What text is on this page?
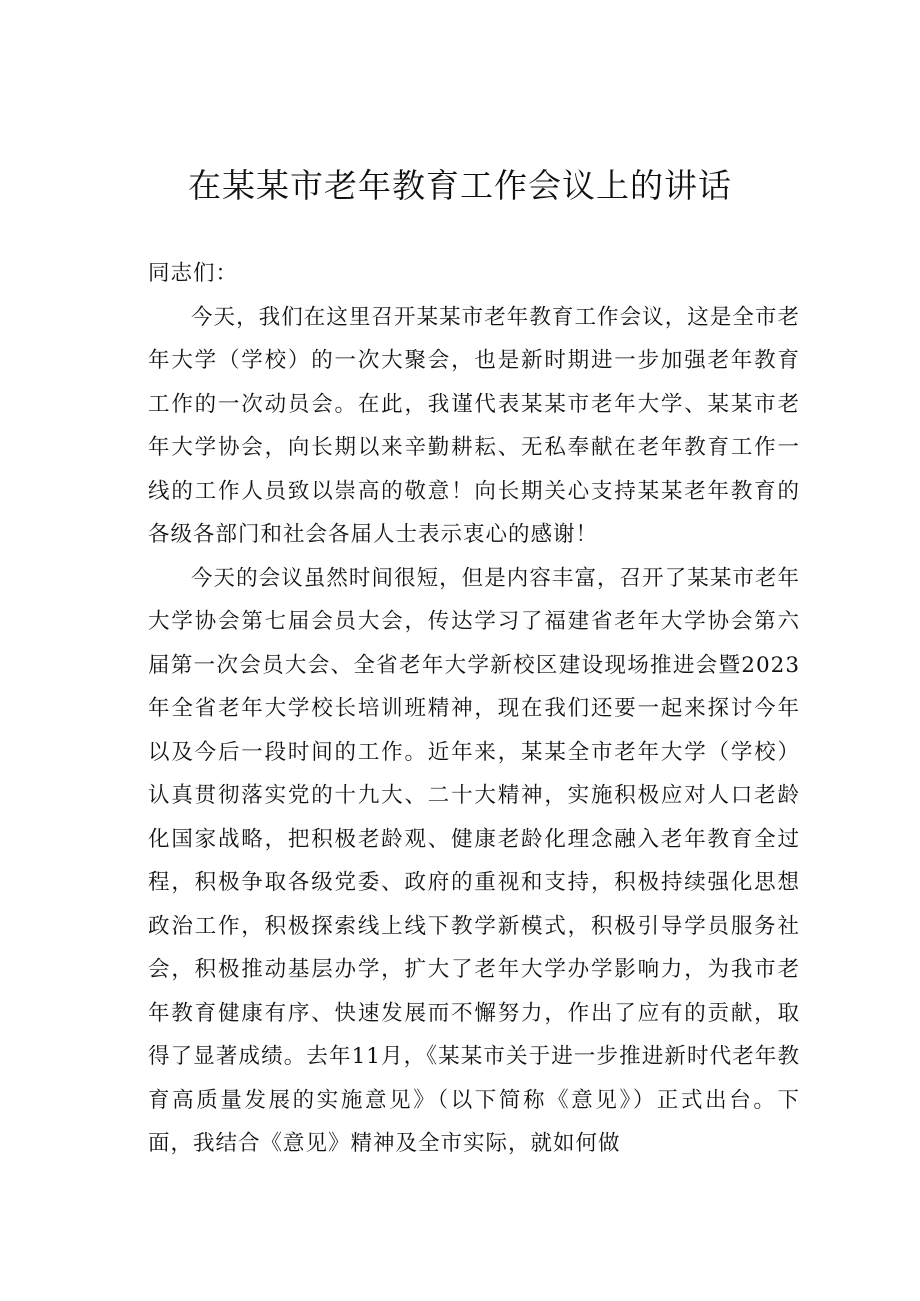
在某某市老年教育工作会议上的讲话

同志们：

今天，我们在这里召开某某市老年教育工作会议，这是全市老年大学（学校）的一次大聚会，也是新时期进一步加强老年教育工作的一次动员会。在此，我谨代表某某市老年大学、某某市老年大学协会，向长期以来辛勤耕耘、无私奉献在老年教育工作一线的工作人员致以崇高的敬意！向长期关心支持某某老年教育的各级各部门和社会各届人士表示衷心的感谢！

今天的会议虽然时间很短，但是内容丰富，召开了某某市老年大学协会第七届会员大会，传达学习了福建省老年大学协会第六届第一次会员大会、全省老年大学新校区建设现场推进会暨2023年全省老年大学校长培训班精神，现在我们还要一起来探讨今年以及今后一段时间的工作。近年来，某某全市老年大学（学校）认真贯彻落实党的十九大、二十大精神，实施积极应对人口老龄化国家战略，把积极老龄观、健康老龄化理念融入老年教育全过程，积极争取各级党委、政府的重视和支持，积极持续强化思想政治工作，积极探索线上线下教学新模式，积极引导学员服务社会，积极推动基层办学，扩大了老年大学办学影响力，为我市老年教育健康有序、快速发展而不懈努力，作出了应有的贡献，取得了显著成绩。去年11月，《某某市关于进一步推进新时代老年教育高质量发展的实施意见》（以下简称《意见》）正式出台。下面，我结合《意见》精神及全市实际，就如何做
